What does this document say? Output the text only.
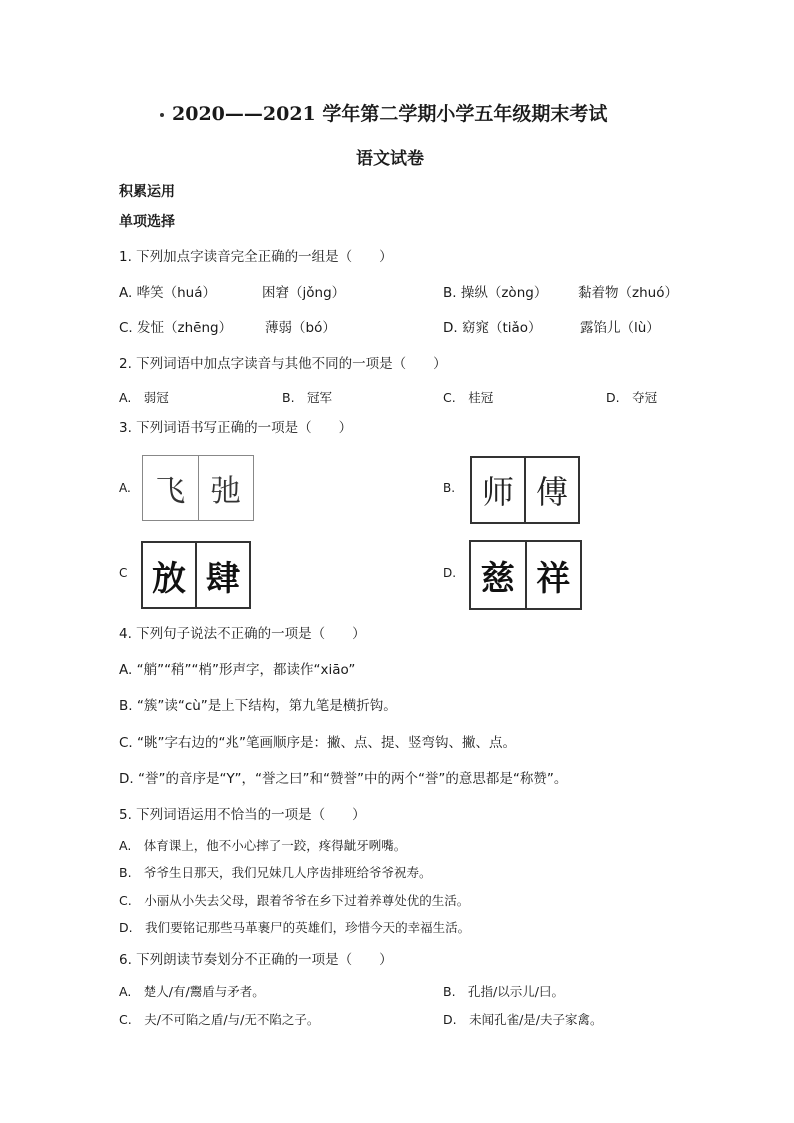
2020——2021 学年第二学期小学五年级期末考试
语文试卷
积累运用
单项选择
1. 下列加点字读音完全正确的一组是（　　）
A. 哗笑（huá）	困窘（jǒng）	B. 操纵（zòng） 黏着物（zhuó）
C. 发怔（zhēng） 薄弱（bó）	D. 窈窕（tiǎo）	露馅儿（lù）
2. 下列词语中加点字读音与其他不同的一项是（　　）
A.　弱冠	B.　冠军	C.　桂冠	D.　夺冠
3. 下列词语书写正确的一项是（　　）
A. 飞 弛	B. 师 傅
C 放 肆	D. 慈 祥
4. 下列句子说法不正确的一项是（　　）
A. “艄”“稍”“梢”形声字，都读作“xiāo”
B. “簇”读“cù”是上下结构，第九笔是横折钩。
C. “眺”字右边的“兆”笔画顺序是：撇、点、提、竖弯钩、撇、点。
D. “誉”的音序是“Y”，“誉之曰”和“赞誉”中的两个“誉”的意思都是“称赞”。
5. 下列词语运用不恰当的一项是（　　）
A.　体育课上，他不小心摔了一跤，疼得龇牙咧嘴。
B.　爷爷生日那天，我们兄妹几人序齿排班给爷爷祝寿。
C.　小丽从小失去父母，跟着爷爷在乡下过着养尊处优的生活。
D.　我们要铭记那些马革裹尸的英雄们，珍惜今天的幸福生活。
6. 下列朗读节奏划分不正确的一项是（　　）
A.　楚人/有/鬻盾与矛者。	B.　孔指/以示儿/曰。
C.　夫/不可陷之盾/与/无不陷之子。	D.　未闻孔雀/是/夫子家禽。
